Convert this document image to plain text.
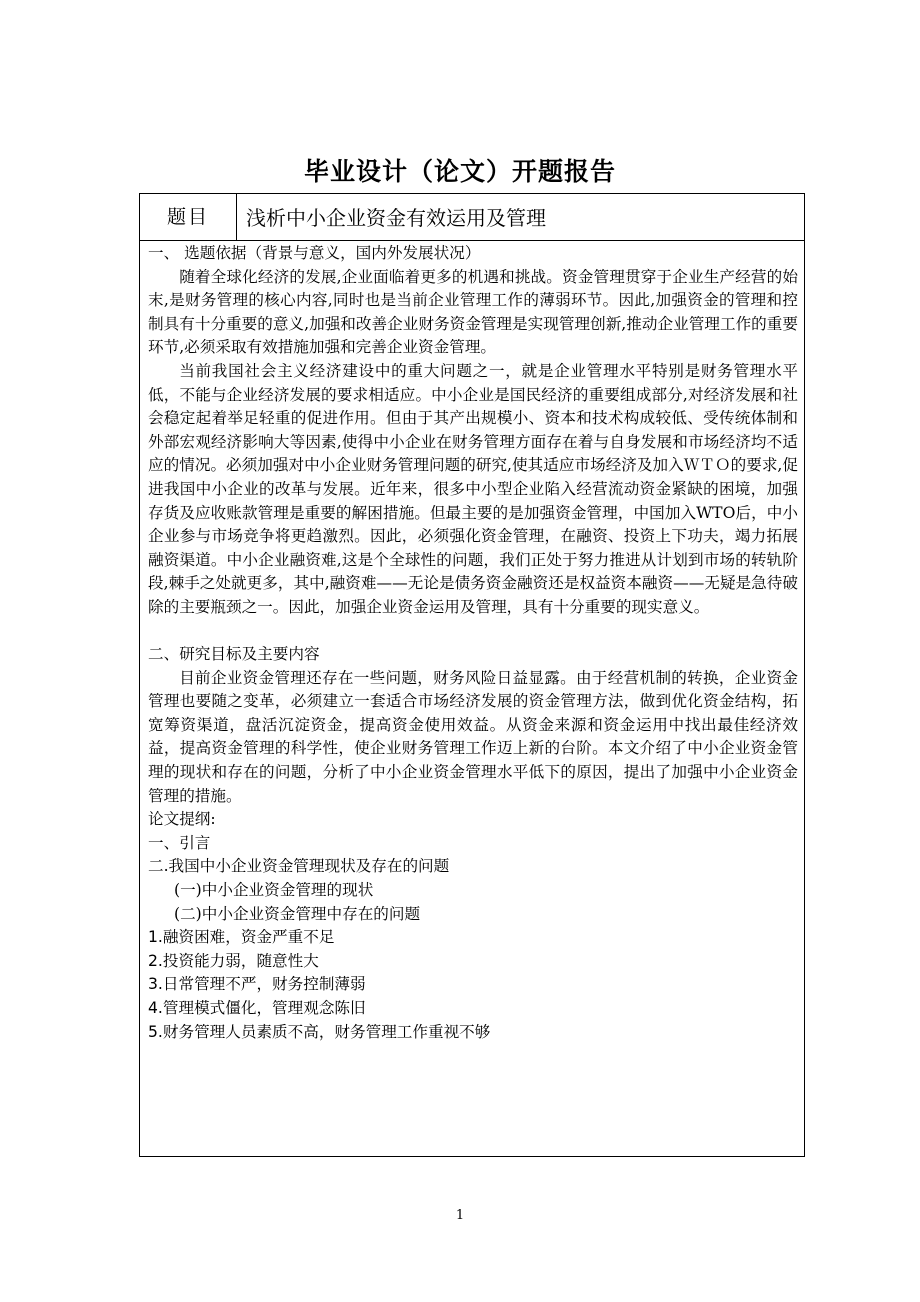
毕业设计（论文）开题报告
题目	浅析中小企业资金有效运用及管理
一、 选题依据（背景与意义，国内外发展状况）

随着全球化经济的发展,企业面临着更多的机遇和挑战。资金管理贯穿于企业生产经营的始末,是财务管理的核心内容,同时也是当前企业管理工作的薄弱环节。因此,加强资金的管理和控制具有十分重要的意义,加强和改善企业财务资金管理是实现管理创新,推动企业管理工作的重要环节,必须采取有效措施加强和完善企业资金管理。

当前我国社会主义经济建设中的重大问题之一，就是企业管理水平特别是财务管理水平低，不能与企业经济发展的要求相适应。中小企业是国民经济的重要组成部分,对经济发展和社会稳定起着举足轻重的促进作用。但由于其产出规模小、资本和技术构成较低、受传统体制和外部宏观经济影响大等因素,使得中小企业在财务管理方面存在着与自身发展和市场经济均不适应的情况。必须加强对中小企业财务管理问题的研究,使其适应市场经济及加入ＷＴＯ的要求,促进我国中小企业的改革与发展。近年来，很多中小型企业陷入经营流动资金紧缺的困境，加强存货及应收账款管理是重要的解困措施。但最主要的是加强资金管理，中国加入WTO后，中小企业参与市场竞争将更趋激烈。因此，必须强化资金管理，在融资、投资上下功夫，竭力拓展融资渠道。中小企业融资难,这是个全球性的问题，我们正处于努力推进从计划到市场的转轨阶段,棘手之处就更多，其中,融资难——无论是债务资金融资还是权益资本融资——无疑是急待破除的主要瓶颈之一。因此，加强企业资金运用及管理，具有十分重要的现实意义。

二、研究目标及主要内容

目前企业资金管理还存在一些问题，财务风险日益显露。由于经营机制的转换，企业资金管理也要随之变革，必须建立一套适合市场经济发展的资金管理方法，做到优化资金结构，拓宽筹资渠道，盘活沉淀资金，提高资金使用效益。从资金来源和资金运用中找出最佳经济效益，提高资金管理的科学性，使企业财务管理工作迈上新的台阶。本文介绍了中小企业资金管理的现状和存在的问题，分析了中小企业资金管理水平低下的原因，提出了加强中小企业资金管理的措施。

论文提纲:
一、引言
二.我国中小企业资金管理现状及存在的问题
(一)中小企业资金管理的现状
(二)中小企业资金管理中存在的问题
1.融资困难，资金严重不足
2.投资能力弱，随意性大
3.日常管理不严，财务控制薄弱
4.管理模式僵化，管理观念陈旧
5.财务管理人员素质不高，财务管理工作重视不够
1
